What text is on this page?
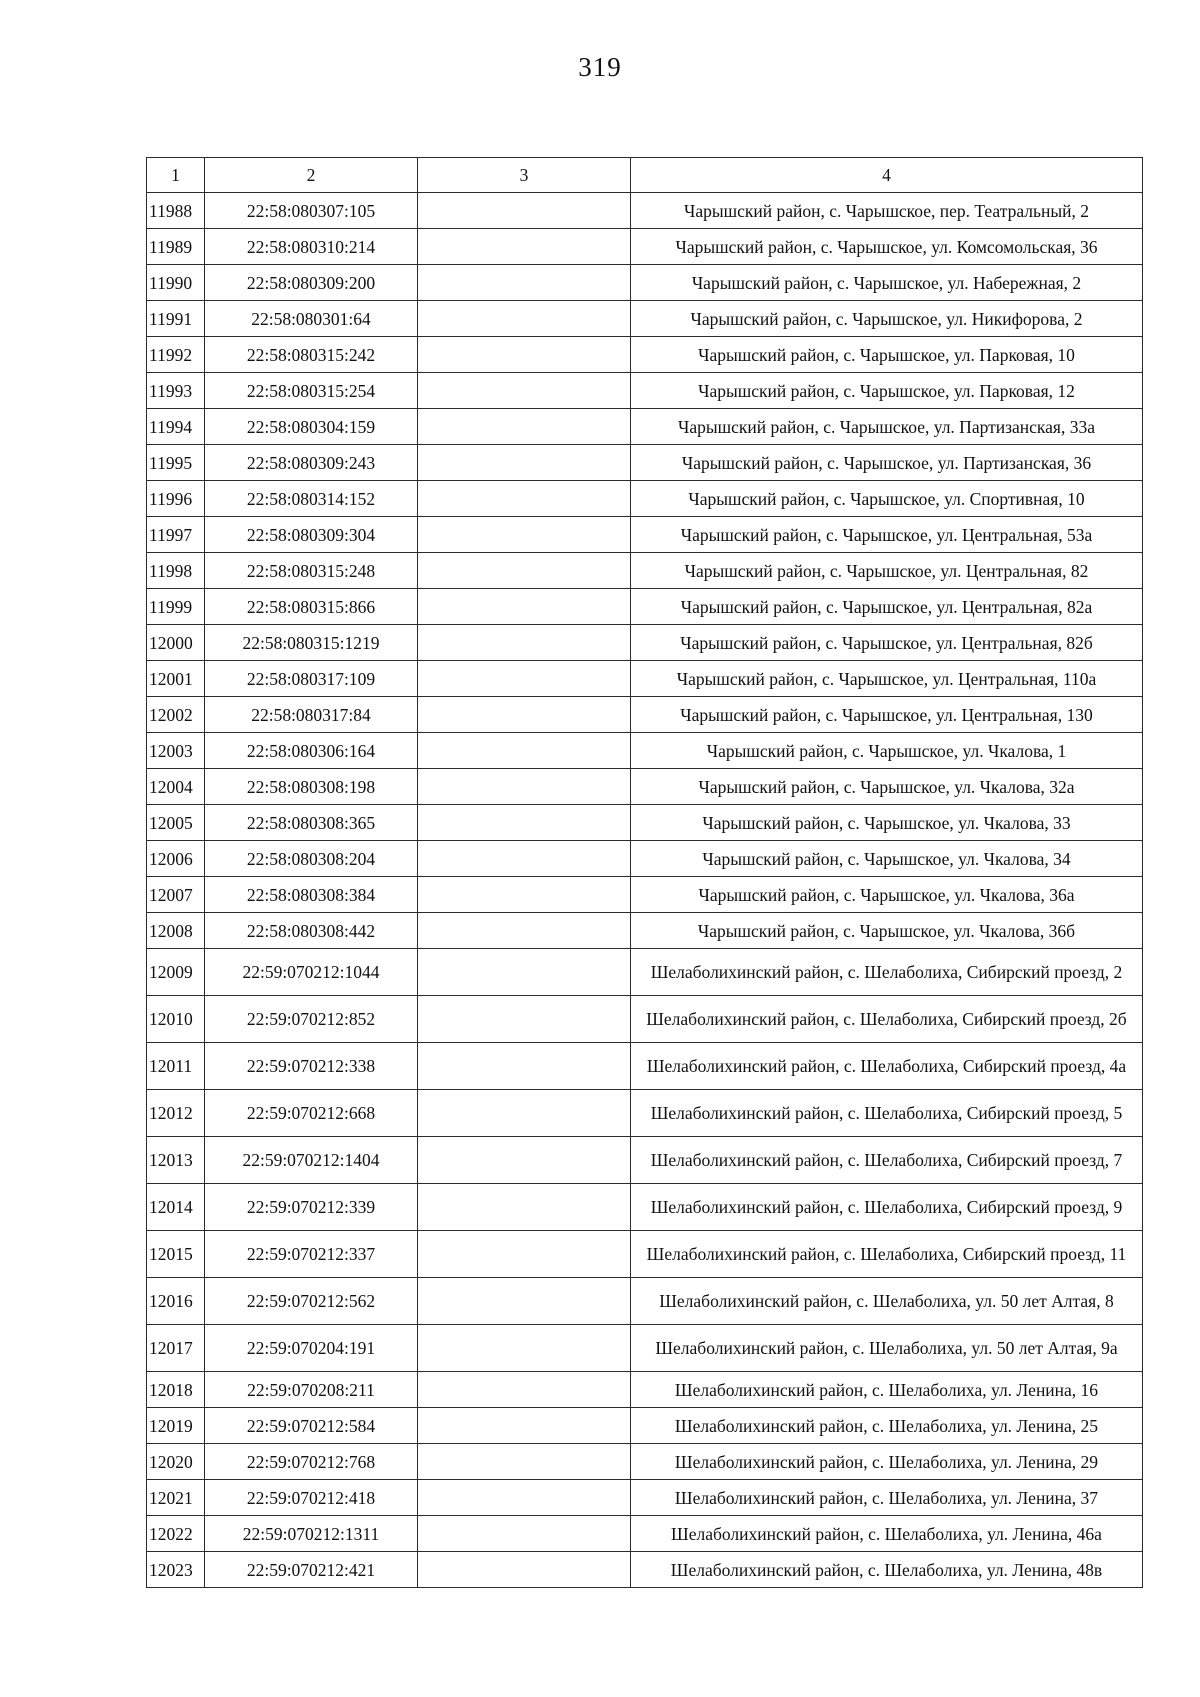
319
1	2	3	4
11988	22:58:080307:105		Чарышский район, с. Чарышское, пер. Театральный, 2
11989	22:58:080310:214		Чарышский район, с. Чарышское, ул. Комсомольская, 36
11990	22:58:080309:200		Чарышский район, с. Чарышское, ул. Набережная, 2
11991	22:58:080301:64		Чарышский район, с. Чарышское, ул. Никифорова, 2
11992	22:58:080315:242		Чарышский район, с. Чарышское, ул. Парковая, 10
11993	22:58:080315:254		Чарышский район, с. Чарышское, ул. Парковая, 12
11994	22:58:080304:159		Чарышский район, с. Чарышское, ул. Партизанская, 33а
11995	22:58:080309:243		Чарышский район, с. Чарышское, ул. Партизанская, 36
11996	22:58:080314:152		Чарышский район, с. Чарышское, ул. Спортивная, 10
11997	22:58:080309:304		Чарышский район, с. Чарышское, ул. Центральная, 53а
11998	22:58:080315:248		Чарышский район, с. Чарышское, ул. Центральная, 82
11999	22:58:080315:866		Чарышский район, с. Чарышское, ул. Центральная, 82а
12000	22:58:080315:1219		Чарышский район, с. Чарышское, ул. Центральная, 82б
12001	22:58:080317:109		Чарышский район, с. Чарышское, ул. Центральная, 110а
12002	22:58:080317:84		Чарышский район, с. Чарышское, ул. Центральная, 130
12003	22:58:080306:164		Чарышский район, с. Чарышское, ул. Чкалова, 1
12004	22:58:080308:198		Чарышский район, с. Чарышское, ул. Чкалова, 32а
12005	22:58:080308:365		Чарышский район, с. Чарышское, ул. Чкалова, 33
12006	22:58:080308:204		Чарышский район, с. Чарышское, ул. Чкалова, 34
12007	22:58:080308:384		Чарышский район, с. Чарышское, ул. Чкалова, 36а
12008	22:58:080308:442		Чарышский район, с. Чарышское, ул. Чкалова, 36б
12009	22:59:070212:1044		Шелаболихинский район, с. Шелаболиха, Сибирский проезд, 2
12010	22:59:070212:852		Шелаболихинский район, с. Шелаболиха, Сибирский проезд, 2б
12011	22:59:070212:338		Шелаболихинский район, с. Шелаболиха, Сибирский проезд, 4а
12012	22:59:070212:668		Шелаболихинский район, с. Шелаболиха, Сибирский проезд, 5
12013	22:59:070212:1404		Шелаболихинский район, с. Шелаболиха, Сибирский проезд, 7
12014	22:59:070212:339		Шелаболихинский район, с. Шелаболиха, Сибирский проезд, 9
12015	22:59:070212:337		Шелаболихинский район, с. Шелаболиха, Сибирский проезд, 11
12016	22:59:070212:562		Шелаболихинский район, с. Шелаболиха, ул. 50 лет Алтая, 8
12017	22:59:070204:191		Шелаболихинский район, с. Шелаболиха, ул. 50 лет Алтая, 9а
12018	22:59:070208:211		Шелаболихинский район, с. Шелаболиха, ул. Ленина, 16
12019	22:59:070212:584		Шелаболихинский район, с. Шелаболиха, ул. Ленина, 25
12020	22:59:070212:768		Шелаболихинский район, с. Шелаболиха, ул. Ленина, 29
12021	22:59:070212:418		Шелаболихинский район, с. Шелаболиха, ул. Ленина, 37
12022	22:59:070212:1311		Шелаболихинский район, с. Шелаболиха, ул. Ленина, 46а
12023	22:59:070212:421		Шелаболихинский район, с. Шелаболиха, ул. Ленина, 48в
